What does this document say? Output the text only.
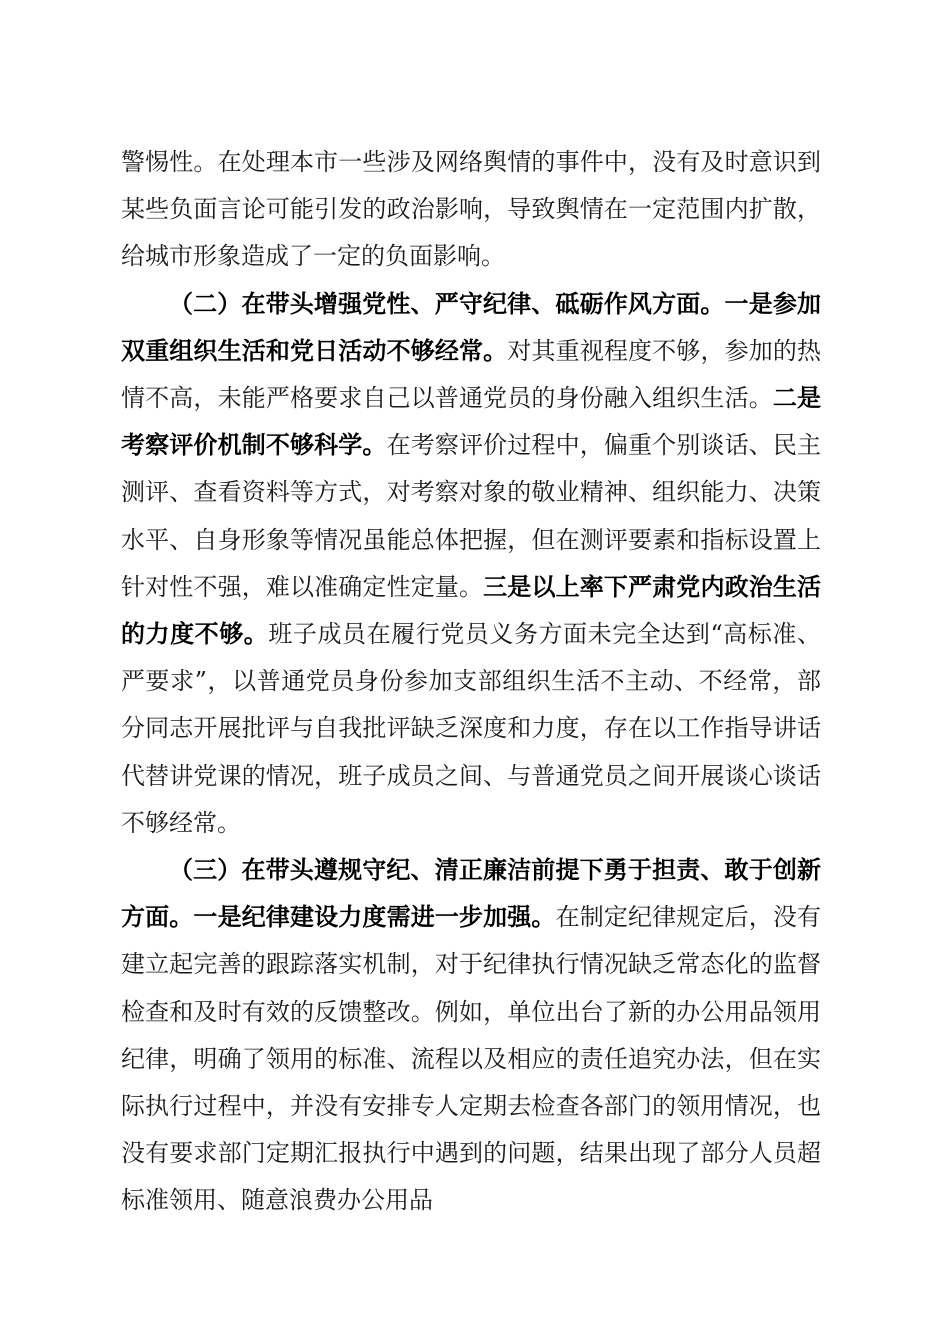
警惕性。在处理本市一些涉及网络舆情的事件中，没有及时意识到某些负面言论可能引发的政治影响，导致舆情在一定范围内扩散，给城市形象造成了一定的负面影响。

（二）在带头增强党性、严守纪律、砥砺作风方面。一是参加双重组织生活和党日活动不够经常。对其重视程度不够，参加的热情不高，未能严格要求自己以普通党员的身份融入组织生活。二是考察评价机制不够科学。在考察评价过程中，偏重个别谈话、民主测评、查看资料等方式，对考察对象的敬业精神、组织能力、决策水平、自身形象等情况虽能总体把握，但在测评要素和指标设置上针对性不强，难以准确定性定量。三是以上率下严肃党内政治生活的力度不够。班子成员在履行党员义务方面未完全达到“高标准、严要求”，以普通党员身份参加支部组织生活不主动、不经常，部分同志开展批评与自我批评缺乏深度和力度，存在以工作指导讲话代替讲党课的情况，班子成员之间、与普通党员之间开展谈心谈话不够经常。

（三）在带头遵规守纪、清正廉洁前提下勇于担责、敢于创新方面。一是纪律建设力度需进一步加强。在制定纪律规定后，没有建立起完善的跟踪落实机制，对于纪律执行情况缺乏常态化的监督检查和及时有效的反馈整改。例如，单位出台了新的办公用品领用纪律，明确了领用的标准、流程以及相应的责任追究办法，但在实际执行过程中，并没有安排专人定期去检查各部门的领用情况，也没有要求部门定期汇报执行中遇到的问题，结果出现了部分人员超标准领用、随意浪费办公用品
